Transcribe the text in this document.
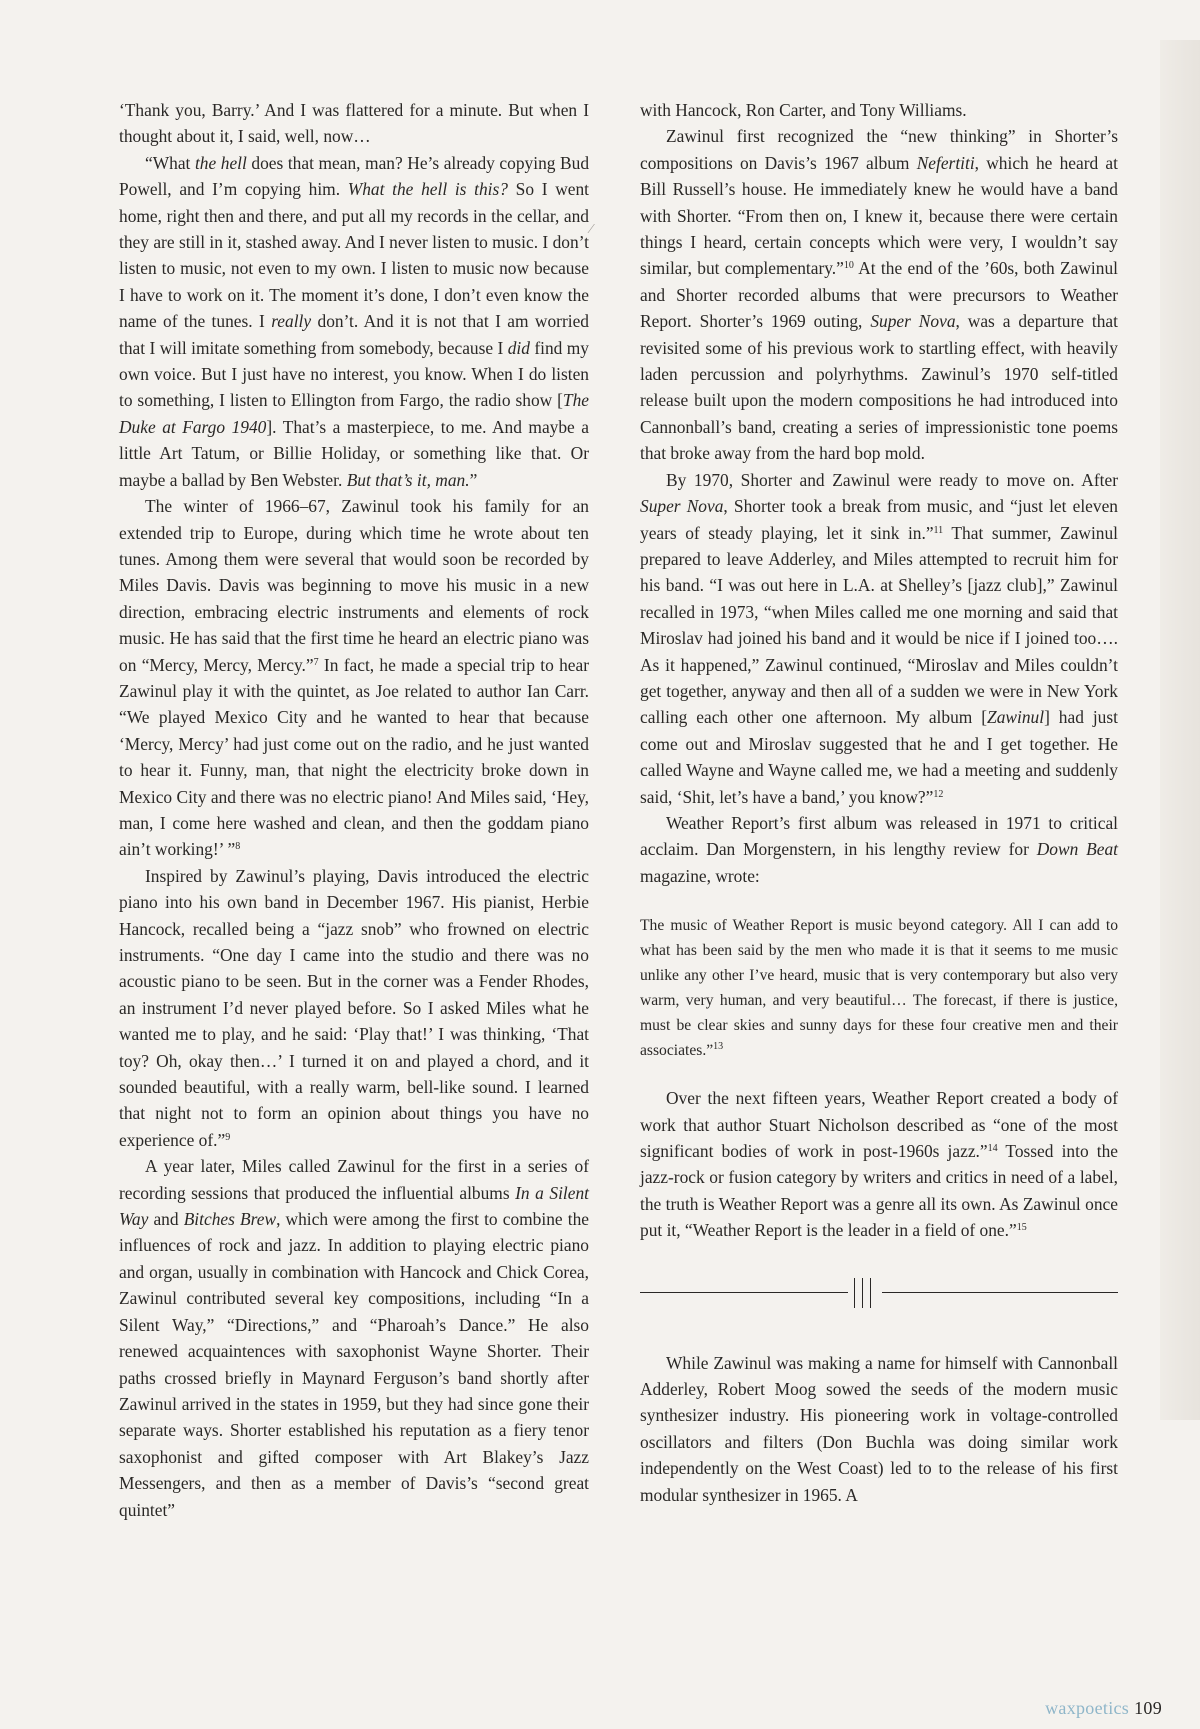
‘Thank you, Barry.’ And I was flattered for a minute. But when I thought about it, I said, well, now…

“What the hell does that mean, man? He’s already copying Bud Powell, and I’m copying him. What the hell is this? So I went home, right then and there, and put all my records in the cellar, and they are still in it, stashed away. And I never listen to music. I don’t listen to music, not even to my own. I listen to music now because I have to work on it. The moment it’s done, I don’t even know the name of the tunes. I really don’t. And it is not that I am worried that I will imitate something from somebody, because I did find my own voice. But I just have no interest, you know. When I do listen to something, I listen to Ellington from Fargo, the radio show [The Duke at Fargo 1940]. That’s a masterpiece, to me. And maybe a little Art Tatum, or Billie Holiday, or something like that. Or maybe a ballad by Ben Webster. But that’s it, man.”

The winter of 1966–67, Zawinul took his family for an extended trip to Europe, during which time he wrote about ten tunes. Among them were several that would soon be recorded by Miles Davis. Davis was beginning to move his music in a new direction, embracing electric instruments and elements of rock music. He has said that the first time he heard an electric piano was on “Mercy, Mercy, Mercy.”$^7$ In fact, he made a special trip to hear Zawinul play it with the quintet, as Joe related to author Ian Carr. “We played Mexico City and he wanted to hear that because ‘Mercy, Mercy’ had just come out on the radio, and he just wanted to hear it. Funny, man, that night the electricity broke down in Mexico City and there was no electric piano! And Miles said, ‘Hey, man, I come here washed and clean, and then the goddam piano ain’t working!’ ”$^8$

Inspired by Zawinul’s playing, Davis introduced the electric piano into his own band in December 1967. His pianist, Herbie Hancock, recalled being a “jazz snob” who frowned on electric instruments. “One day I came into the studio and there was no acoustic piano to be seen. But in the corner was a Fender Rhodes, an instrument I’d never played before. So I asked Miles what he wanted me to play, and he said: ‘Play that!’ I was thinking, ‘That toy? Oh, okay then…’ I turned it on and played a chord, and it sounded beautiful, with a really warm, bell-like sound. I learned that night not to form an opinion about things you have no experience of.”$^9$

A year later, Miles called Zawinul for the first in a series of recording sessions that produced the influential albums In a Silent Way and Bitches Brew, which were among the first to combine the influences of rock and jazz. In addition to playing electric piano and organ, usually in combination with Hancock and Chick Corea, Zawinul contributed several key compositions, including “In a Silent Way,” “Directions,” and “Pharoah’s Dance.” He also renewed acquaintences with saxophonist Wayne Shorter. Their paths crossed briefly in Maynard Ferguson’s band shortly after Zawinul arrived in the states in 1959, but they had since gone their separate ways. Shorter established his reputation as a fiery tenor saxophonist and gifted composer with Art Blakey’s Jazz Messengers, and then as a member of Davis’s “second great quintet”

⁄

with Hancock, Ron Carter, and Tony Williams.

Zawinul first recognized the “new thinking” in Shorter’s compositions on Davis’s 1967 album Nefertiti, which he heard at Bill Russell’s house. He immediately knew he would have a band with Shorter. “From then on, I knew it, because there were certain things I heard, certain concepts which were very, I wouldn’t say similar, but complementary.”$^{10}$ At the end of the ’60s, both Zawinul and Shorter recorded albums that were precursors to Weather Report. Shorter’s 1969 outing, Super Nova, was a departure that revisited some of his previous work to startling effect, with heavily laden percussion and polyrhythms. Zawinul’s 1970 self-titled release built upon the modern compositions he had introduced into Cannonball’s band, creating a series of impressionistic tone poems that broke away from the hard bop mold.

By 1970, Shorter and Zawinul were ready to move on. After Super Nova, Shorter took a break from music, and “just let eleven years of steady playing, let it sink in.”$^{11}$ That summer, Zawinul prepared to leave Adderley, and Miles attempted to recruit him for his band. “I was out here in L.A. at Shelley’s [jazz club],” Zawinul recalled in 1973, “when Miles called me one morning and said that Miroslav had joined his band and it would be nice if I joined too…. As it happened,” Zawinul continued, “Miroslav and Miles couldn’t get together, anyway and then all of a sudden we were in New York calling each other one afternoon. My album [Zawinul] had just come out and Miroslav suggested that he and I get together. He called Wayne and Wayne called me, we had a meeting and suddenly said, ‘Shit, let’s have a band,’ you know?”$^{12}$

Weather Report’s first album was released in 1971 to critical acclaim. Dan Morgenstern, in his lengthy review for Down Beat magazine, wrote:

The music of Weather Report is music beyond category. All I can add to what has been said by the men who made it is that it seems to me music unlike any other I’ve heard, music that is very contemporary but also very warm, very human, and very beautiful… The forecast, if there is justice, must be clear skies and sunny days for these four creative men and their associates.”$^{13}$

Over the next fifteen years, Weather Report created a body of work that author Stuart Nicholson described as “one of the most significant bodies of work in post-1960s jazz.”$^{14}$ Tossed into the jazz-rock or fusion category by writers and critics in need of a label, the truth is Weather Report was a genre all its own. As Zawinul once put it, “Weather Report is the leader in a field of one.”$^{15}$

While Zawinul was making a name for himself with Cannonball Adderley, Robert Moog sowed the seeds of the modern music synthesizer industry. His pioneering work in voltage-controlled oscillators and filters (Don Buchla was doing similar work independently on the West Coast) led to to the release of his first modular synthesizer in 1965. A

waxpoetics 109
